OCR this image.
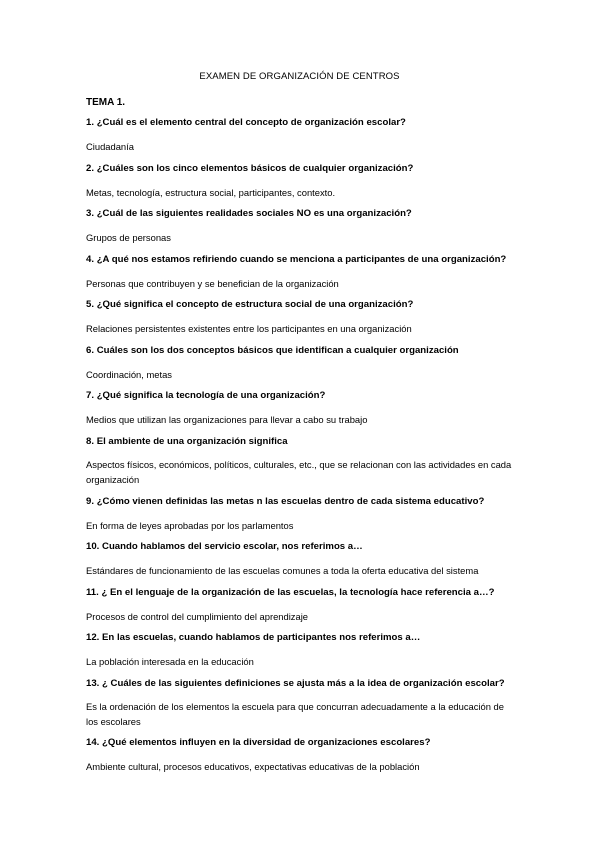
EXAMEN DE ORGANIZACIÓN DE CENTROS
TEMA 1.
1. ¿Cuál es el elemento central del concepto de organización escolar?
Ciudadanía
2. ¿Cuáles son los cinco elementos básicos de cualquier organización?
Metas, tecnología, estructura social, participantes, contexto.
3. ¿Cuál de las siguientes realidades sociales NO es una organización?
Grupos de personas
4. ¿A qué nos estamos refiriendo cuando se menciona a participantes de una organización?
Personas que contribuyen y se benefician de la organización
5. ¿Qué significa el concepto de estructura social de una organización?
Relaciones persistentes existentes entre los participantes en una organización
6. Cuáles son los dos conceptos básicos que identifican a cualquier organización
Coordinación, metas
7. ¿Qué significa la tecnología de una organización?
Medios que utilizan las organizaciones para llevar a cabo su trabajo
8. El ambiente de una organización significa
Aspectos físicos, económicos, políticos, culturales, etc., que se relacionan con las actividades en cada organización
9. ¿Cómo vienen definidas las metas n las escuelas dentro de cada sistema educativo?
En forma de leyes aprobadas por los parlamentos
10. Cuando hablamos del servicio escolar, nos referimos a…
Estándares de funcionamiento de las escuelas comunes a toda la oferta educativa del sistema
11. ¿ En el lenguaje de la organización de las escuelas, la tecnología hace referencia a…?
Procesos de control del cumplimiento del aprendizaje
12. En las escuelas, cuando hablamos de participantes nos referimos a…
La población interesada en la educación
13. ¿ Cuáles de las siguientes definiciones se ajusta más a la idea de organización escolar?
Es la ordenación de los elementos la escuela para que concurran adecuadamente a la educación de los escolares
14. ¿Qué elementos influyen en la diversidad de organizaciones escolares?
Ambiente cultural, procesos educativos, expectativas educativas de la población
